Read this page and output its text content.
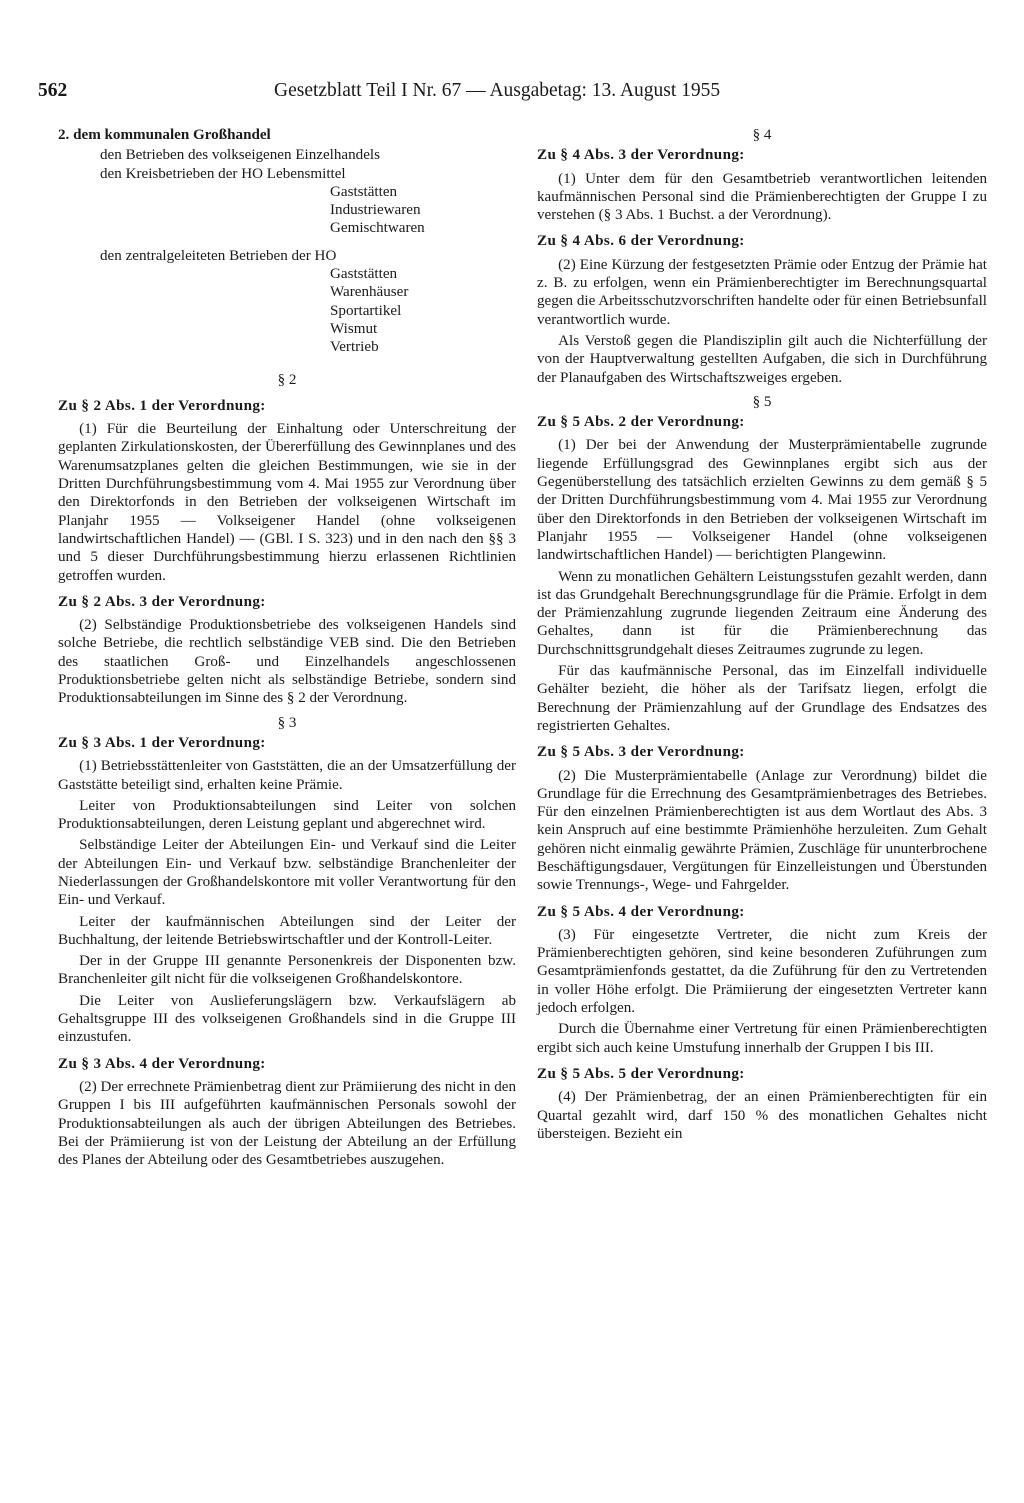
562	Gesetzblatt Teil I Nr. 67 — Ausgabetag: 13. August 1955
2. dem kommunalen Großhandel
den Betrieben des volkseigenen Einzelhandels
den Kreisbetrieben der HO Lebensmittel
Gaststätten
Industriewaren
Gemischtwaren
den zentralgeleiteten Betrieben der HO
Gaststätten
Warenhäuser
Sportartikel
Wismut
Vertrieb
§ 2
Zu § 2 Abs. 1 der Verordnung:

(1) Für die Beurteilung der Einhaltung oder Unterschreitung der geplanten Zirkulationskosten, der Übererfüllung des Gewinnplanes und des Warenumsatzplanes gelten die gleichen Bestimmungen, wie sie in der Dritten Durchführungsbestimmung vom 4. Mai 1955 zur Verordnung über den Direktorfonds in den Betrieben der volkseigenen Wirtschaft im Planjahr 1955 — Volkseigener Handel (ohne volkseigenen landwirtschaftlichen Handel) — (GBl. I S. 323) und in den nach den §§ 3 und 5 dieser Durchführungsbestimmung hierzu erlassenen Richtlinien getroffen wurden.

Zu § 2 Abs. 3 der Verordnung:

(2) Selbständige Produktionsbetriebe des volkseigenen Handels sind solche Betriebe, die rechtlich selbständige VEB sind. Die den Betrieben des staatlichen Groß- und Einzelhandels angeschlossenen Produktionsbetriebe gelten nicht als selbständige Betriebe, sondern sind Produktionsabteilungen im Sinne des § 2 der Verordnung.

§ 3
Zu § 3 Abs. 1 der Verordnung:

(1) Betriebsstättenleiter von Gaststätten, die an der Umsatzerfüllung der Gaststätte beteiligt sind, erhalten keine Prämie.

Leiter von Produktionsabteilungen sind Leiter von solchen Produktionsabteilungen, deren Leistung geplant und abgerechnet wird.

Selbständige Leiter der Abteilungen Ein- und Verkauf sind die Leiter der Abteilungen Ein- und Verkauf bzw. selbständige Branchenleiter der Niederlassungen der Großhandelskontore mit voller Verantwortung für den Ein- und Verkauf.

Leiter der kaufmännischen Abteilungen sind der Leiter der Buchhaltung, der leitende Betriebswirtschaftler und der Kontroll-Leiter.

Der in der Gruppe III genannte Personenkreis der Disponenten bzw. Branchenleiter gilt nicht für die volkseigenen Großhandelskontore.

Die Leiter von Auslieferungslägern bzw. Verkaufslägern ab Gehaltsgruppe III des volkseigenen Großhandels sind in die Gruppe III einzustufen.

Zu § 3 Abs. 4 der Verordnung:

(2) Der errechnete Prämienbetrag dient zur Prämiierung des nicht in den Gruppen I bis III aufgeführten kaufmännischen Personals sowohl der Produktionsabteilungen als auch der übrigen Abteilungen des Betriebes. Bei der Prämiierung ist von der Leistung der Abteilung an der Erfüllung des Planes der Abteilung oder des Gesamtbetriebes auszugehen.

§ 4
Zu § 4 Abs. 3 der Verordnung:

(1) Unter dem für den Gesamtbetrieb verantwortlichen leitenden kaufmännischen Personal sind die Prämienberechtigten der Gruppe I zu verstehen (§ 3 Abs. 1 Buchst. a der Verordnung).

Zu § 4 Abs. 6 der Verordnung:

(2) Eine Kürzung der festgesetzten Prämie oder Entzug der Prämie hat z. B. zu erfolgen, wenn ein Prämienberechtigter im Berechnungsquartal gegen die Arbeitsschutzvorschriften handelte oder für einen Betriebsunfall verantwortlich wurde.

Als Verstoß gegen die Plandisziplin gilt auch die Nichterfüllung der von der Hauptverwaltung gestellten Aufgaben, die sich in Durchführung der Planaufgaben des Wirtschaftszweiges ergeben.

§ 5
Zu § 5 Abs. 2 der Verordnung:

(1) Der bei der Anwendung der Musterprämientabelle zugrunde liegende Erfüllungsgrad des Gewinnplanes ergibt sich aus der Gegenüberstellung des tatsächlich erzielten Gewinns zu dem gemäß § 5 der Dritten Durchführungsbestimmung vom 4. Mai 1955 zur Verordnung über den Direktorfonds in den Betrieben der volkseigenen Wirtschaft im Planjahr 1955 — Volkseigener Handel (ohne volkseigenen landwirtschaftlichen Handel) — berichtigten Plangewinn.

Wenn zu monatlichen Gehältern Leistungsstufen gezahlt werden, dann ist das Grundgehalt Berechnungsgrundlage für die Prämie. Erfolgt in dem der Prämienzahlung zugrunde liegenden Zeitraum eine Änderung des Gehaltes, dann ist für die Prämienberechnung das Durchschnittsgrundgehalt dieses Zeitraumes zugrunde zu legen.

Für das kaufmännische Personal, das im Einzelfall individuelle Gehälter bezieht, die höher als der Tarifsatz liegen, erfolgt die Berechnung der Prämienzahlung auf der Grundlage des Endsatzes des registrierten Gehaltes.

Zu § 5 Abs. 3 der Verordnung:

(2) Die Musterprämientabelle (Anlage zur Verordnung) bildet die Grundlage für die Errechnung des Gesamtprämienbetrages des Betriebes. Für den einzelnen Prämienberechtigten ist aus dem Wortlaut des Abs. 3 kein Anspruch auf eine bestimmte Prämienhöhe herzuleiten. Zum Gehalt gehören nicht einmalig gewährte Prämien, Zuschläge für ununterbrochene Beschäftigungsdauer, Vergütungen für Einzelleistungen und Überstunden sowie Trennungs-, Wege- und Fahrgelder.

Zu § 5 Abs. 4 der Verordnung:

(3) Für eingesetzte Vertreter, die nicht zum Kreis der Prämienberechtigten gehören, sind keine besonderen Zuführungen zum Gesamtprämienfonds gestattet, da die Zuführung für den zu Vertretenden in voller Höhe erfolgt. Die Prämiierung der eingesetzten Vertreter kann jedoch erfolgen.

Durch die Übernahme einer Vertretung für einen Prämienberechtigten ergibt sich auch keine Umstufung innerhalb der Gruppen I bis III.

Zu § 5 Abs. 5 der Verordnung:

(4) Der Prämienbetrag, der an einen Prämienberechtigten für ein Quartal gezahlt wird, darf 150 % des monatlichen Gehaltes nicht übersteigen. Bezieht ein
